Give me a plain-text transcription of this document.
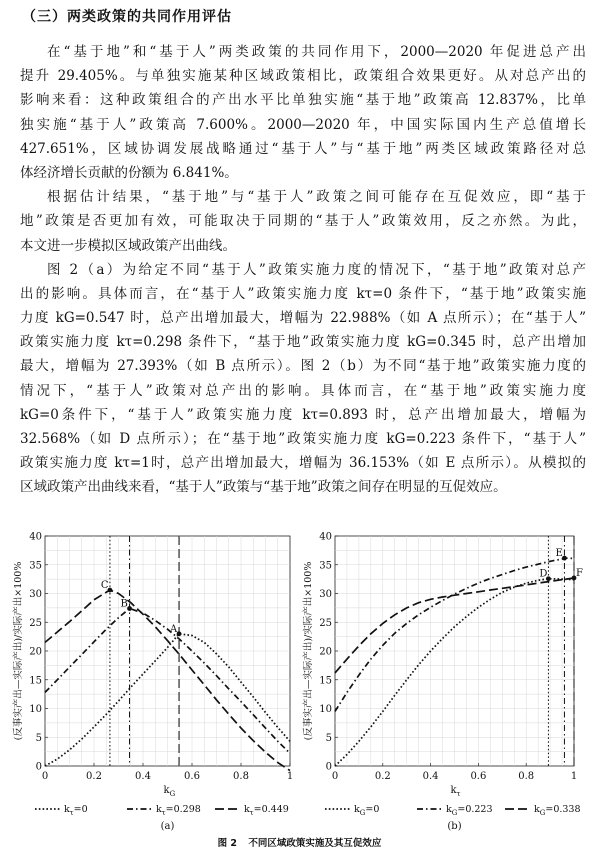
（三）两类政策的共同作用评估
在“基于地”和“基于人”两类政策的共同作用下，2000—2020 年促进总产出
提升 29.405%。与单独实施某种区域政策相比，政策组合效果更好。从对总产出的
影响来看：这种政策组合的产出水平比单独实施“基于地”政策高 12.837%，比单
独实施“基于人”政策高 7.600%。2000—2020 年，中国实际国内生产总值增长
427.651%，区域协调发展战略通过“基于人”与“基于地”两类区域政策路径对总
体经济增长贡献的份额为 6.841%。
根据估计结果，“基于地”与“基于人”政策之间可能存在互促效应，即“基于
地”政策是否更加有效，可能取决于同期的“基于人”政策效用，反之亦然。为此，
本文进一步模拟区域政策产出曲线。
图 2（a）为给定不同“基于人”政策实施力度的情况下，“基于地”政策对总产
出的影响。具体而言，在“基于人”政策实施力度 kτ=0 条件下，“基于地”政策实施
力度 kG=0.547 时，总产出增加最大，增幅为 22.988%（如 A 点所示）；在“基于人”
政策实施力度 kτ=0.298 条件下，“基于地”政策实施力度 kG=0.345 时，总产出增加
最大，增幅为 27.393%（如 B 点所示）。图 2（b）为不同“基于地”政策实施力度的
情况下，“基于人”政策对总产出的影响。具体而言，在“基于地”政策实施力度
kG=0条件下，“基于人”政策实施力度 kτ=0.893 时，总产出增加最大，增幅为
32.568%（如 D 点所示）；在“基于地”政策实施力度 kG=0.223 条件下，“基于人”
政策实施力度 kτ=1时，总产出增加最大，增幅为 36.153%（如 E 点所示）。从模拟的
区域政策产出曲线来看，“基于人”政策与“基于地”政策之间存在明显的互促效应。
0
5
10
15
20
25
30
35
40
0	0.2	0.4	0.6	0.8	1
C
B
A
(反事实产出—实际产出)/实际产出×100%
$k_G$
$k_\tau=0$	$k_\tau=0.298$	$k_\tau=0.449$
(a)
0
5
10
15
20
25
30
35
40
0	0.2	0.4	0.6	0.8	1
D
E
F
(反事实产出—实际产出)/实际产出×100%
$k_\tau$
$k_G=0$	$k_G=0.223$	$k_G=0.338$
(b)
图 2 不同区域政策实施及其互促效应
